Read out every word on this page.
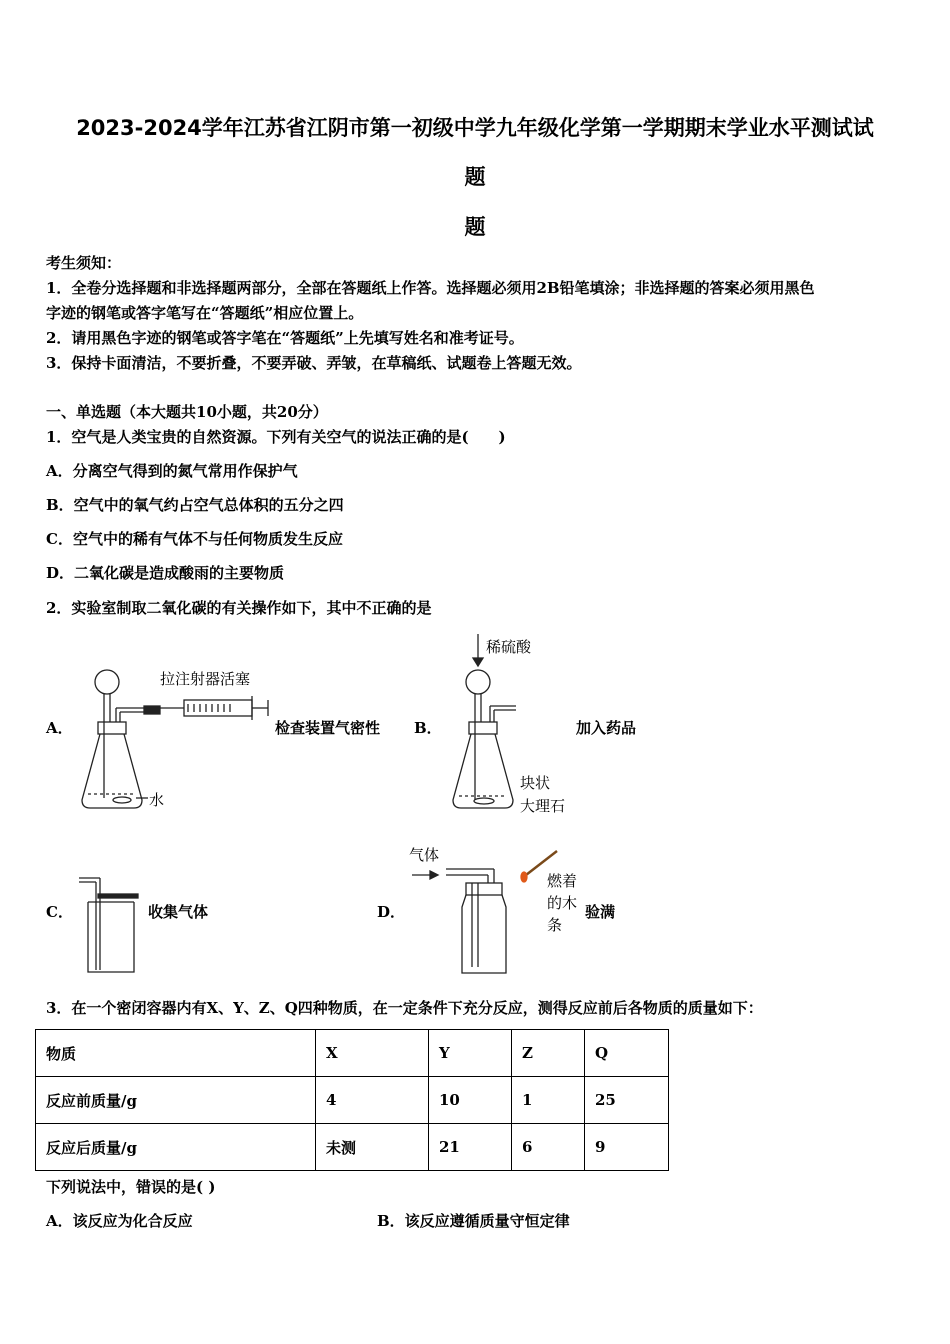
2023-2024学年江苏省江阴市第一初级中学九年级化学第一学期期末学业水平测试试
题
题
考生须知：
1．全卷分选择题和非选择题两部分，全部在答题纸上作答。选择题必须用2B铅笔填涂；非选择题的答案必须用黑色
字迹的钢笔或答字笔写在“答题纸”相应位置上。
2．请用黑色字迹的钢笔或答字笔在“答题纸”上先填写姓名和准考证号。
3．保持卡面清洁，不要折叠，不要弄破、弄皱，在草稿纸、试题卷上答题无效。
一、单选题（本大题共10小题，共20分）
1．空气是人类宝贵的自然资源。下列有关空气的说法正确的是(　　)
A．分离空气得到的氮气常用作保护气
B．空气中的氧气约占空气总体积的五分之四
C．空气中的稀有气体不与任何物质发生反应
D．二氧化碳是造成酸雨的主要物质
2．实验室制取二氧化碳的有关操作如下，其中不正确的是
A．
拉注射器活塞
水
检查装置气密性 B．
稀硫酸
块状
大理石
加入药品
C．	收集气体	D．
气体
燃着
的木
条
验满
3．在一个密闭容器内有X、Y、Z、Q四种物质，在一定条件下充分反应，测得反应前后各物质的质量如下：
物质	X	Y	Z	Q
反应前质量/g	4	10	1	25
反应后质量/g	未测	21	6	9
下列说法中，错误的是( )
A．该反应为化合反应	B．该反应遵循质量守恒定律
